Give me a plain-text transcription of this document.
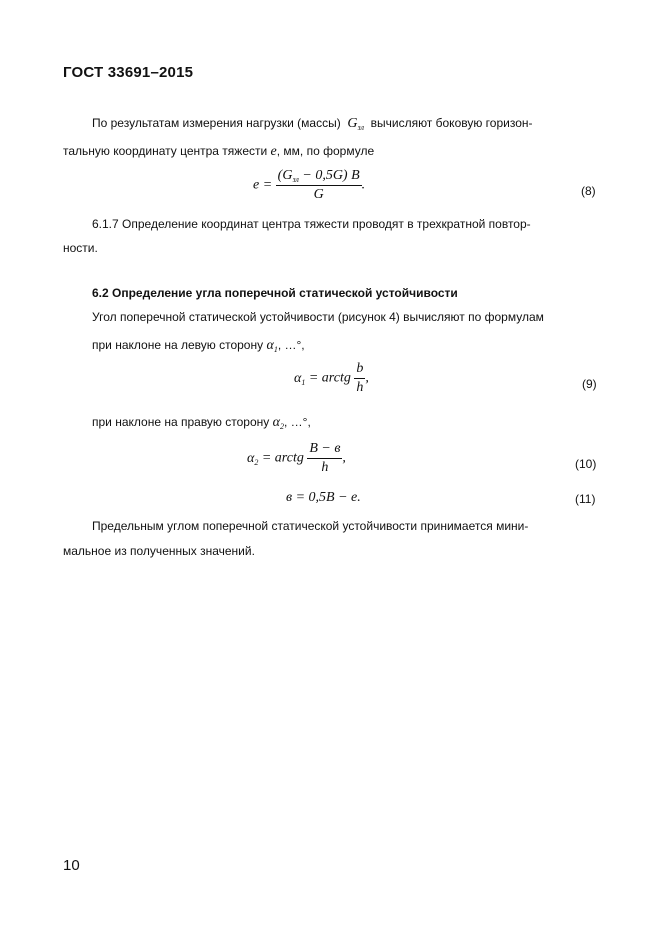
ГОСТ 33691–2015
По результатам измерения нагрузки (массы) $G_{зл}$ вычисляют боковую горизон-
тальную координату центра тяжести e, мм, по формуле
$e = \frac{(G_{зл} - 0,5G) B}{G}$ .	(8)
6.1.7 Определение координат центра тяжести проводят в трехкратной повтор-
ности.
6.2 Определение угла поперечной статической устойчивости
Угол поперечной статической устойчивости (рисунок 4) вычисляют по формулам
при наклоне на левую сторону $\alpha_1$, …°,
$\alpha_1$ = arctg $\frac{b}{h}$ ,	(9)
при наклоне на правую сторону $\alpha_2$, …°,
$\alpha_2$ = arctg $\frac{B - в}{h}$ ,	(10)
в = 0,5B − e.	(11)
Предельным углом поперечной статической устойчивости принимается мини-
мальное из полученных значений.
10
